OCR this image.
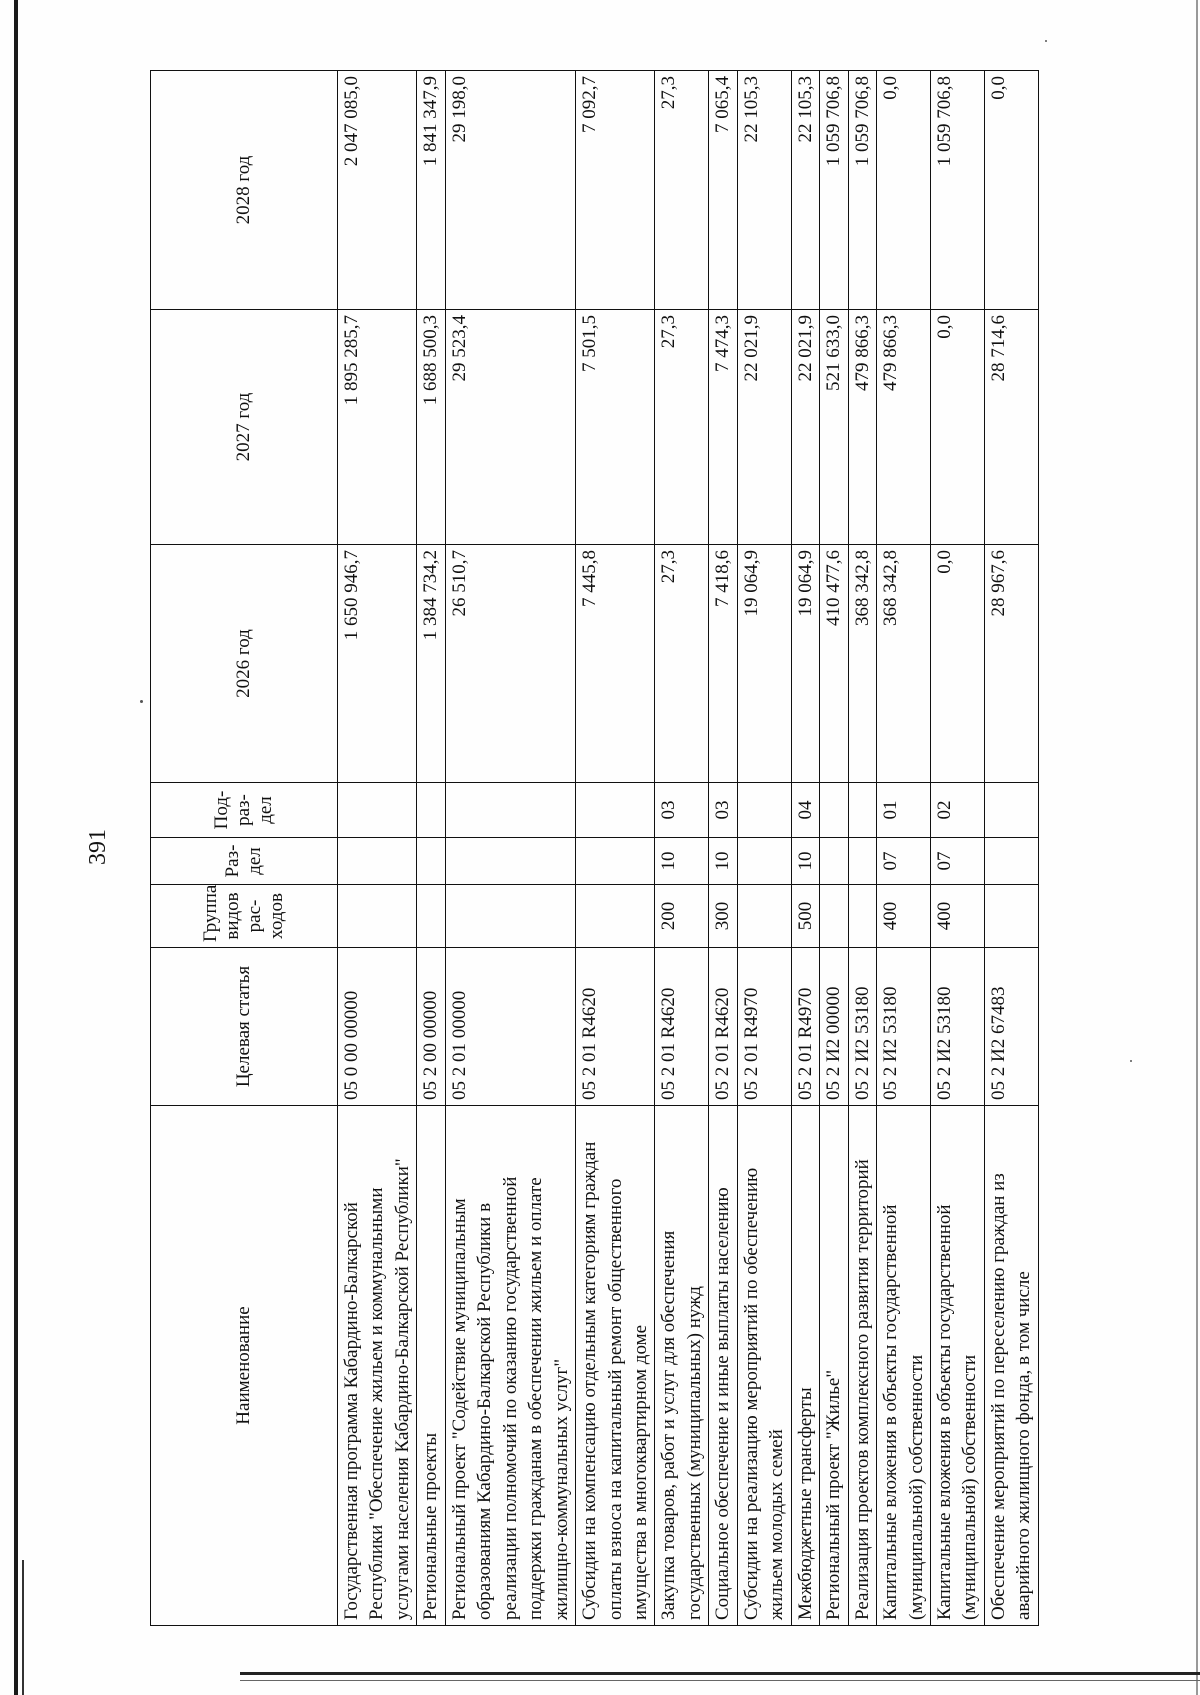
391
Наименование	Целевая статья	Группа видов рас-ходов	Раз-дел	Под-раз-дел	2026 год	2027 год	2028 год
Государственная программа Кабардино-Балкарской Республики "Обеспечение жильем и коммунальными услугами населения Кабардино-Балкарской Республики"	05 0 00 00000				1 650 946,7	1 895 285,7	2 047 085,0
Региональные проекты	05 2 00 00000				1 384 734,2	1 688 500,3	1 841 347,9
Региональный проект "Содействие муниципальным образованиям Кабардино-Балкарской Республики в реализации полномочий по оказанию государственной поддержки гражданам в обеспечении жильем и оплате жилищно-коммунальных услуг"	05 2 01 00000				26 510,7	29 523,4	29 198,0
Субсидии на компенсацию отдельным категориям граждан оплаты взноса на капитальный ремонт общественного имущества в многоквартирном доме	05 2 01 R4620				7 445,8	7 501,5	7 092,7
Закупка товаров, работ и услуг для обеспечения государственных (муниципальных) нужд	05 2 01 R4620	200	10	03	27,3	27,3	27,3
Социальное обеспечение и иные выплаты населению	05 2 01 R4620	300	10	03	7 418,6	7 474,3	7 065,4
Субсидии на реализацию мероприятий по обеспечению жильем молодых семей	05 2 01 R4970				19 064,9	22 021,9	22 105,3
Межбюджетные трансферты	05 2 01 R4970	500	10	04	19 064,9	22 021,9	22 105,3
Региональный проект "Жилье"	05 2 И2 00000				410 477,6	521 633,0	1 059 706,8
Реализация проектов комплексного развития территорий	05 2 И2 53180				368 342,8	479 866,3	1 059 706,8
Капитальные вложения в объекты государственной (муниципальной) собственности	05 2 И2 53180	400	07	01	368 342,8	479 866,3	0,0
Капитальные вложения в объекты государственной (муниципальной) собственности	05 2 И2 53180	400	07	02	0,0	0,0	1 059 706,8
Обеспечение мероприятий по переселению граждан из аварийного жилищного фонда, в том числе	05 2 И2 67483				28 967,6	28 714,6	0,0
